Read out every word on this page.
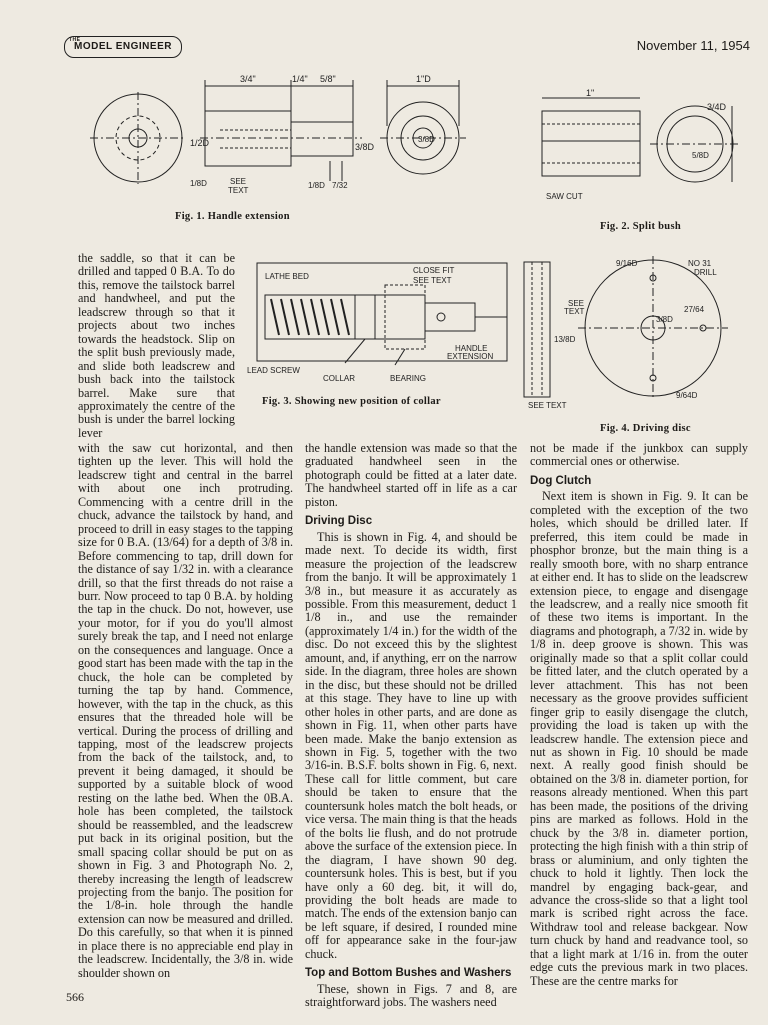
THE
MODEL ENGINEER	November 11, 1954
3/4"	1/4" 5/8"	1"D
1/2D	3/8D
3/8D
1/8D	SEE
TEXT
1/8D 7/32
Fig. 1. Handle extension
1"
3/4D
5/8D
SAW CUT
Fig. 2. Split bush
LATHE BED
CLOSE FIT
SEE TEXT
HANDLE
EXTENSION
LEAD SCREW
COLLAR	BEARING
Fig. 3. Showing new position of collar
9/16D	NO 31
DRILL
SEE
TEXT	27/64
3/8D
13/8D
9/64D
SEE TEXT
Fig. 4. Driving disc

the saddle, so that it can be drilled and tapped 0 B.A. To do this, remove the tailstock barrel and handwheel, and put the leadscrew through so that it projects about two inches towards the headstock. Slip on the split bush previously made, and slide both leadscrew and bush back into the tailstock barrel. Make sure that approximately the centre of the bush is under the barrel locking lever

with the saw cut horizontal, and then tighten up the lever. This will hold the leadscrew tight and central in the barrel with about one inch protruding. Commencing with a centre drill in the chuck, advance the tailstock by hand, and proceed to drill in easy stages to the tapping size for 0 B.A. (13/64) for a depth of 3/8 in. Before commencing to tap, drill down for the distance of say 1/32 in. with a clearance drill, so that the first threads do not raise a burr. Now proceed to tap 0 B.A. by holding the tap in the chuck. Do not, however, use your motor, for if you do you'll almost surely break the tap, and I need not enlarge on the consequences and language. Once a good start has been made with the tap in the chuck, the hole can be completed by turning the tap by hand. Commence, however, with the tap in the chuck, as this ensures that the threaded hole will be vertical. During the process of drilling and tapping, most of the leadscrew projects from the back of the tailstock, and, to prevent it being damaged, it should be supported by a suitable block of wood resting on the lathe bed. When the 0B.A. hole has been completed, the tailstock should be reassembled, and the leadscrew put back in its original position, but the small spacing collar should be put on as shown in Fig. 3 and Photograph No. 2, thereby increasing the length of leadscrew projecting from the banjo. The position for the 1/8-in. hole through the handle extension can now be measured and drilled. Do this carefully, so that when it is pinned in place there is no appreciable end play in the leadscrew. Incidentally, the 3/8 in. wide shoulder shown on

the handle extension was made so that the graduated handwheel seen in the photograph could be fitted at a later date. The handwheel started off in life as a car piston.

Driving Disc

This is shown in Fig. 4, and should be made next. To decide its width, first measure the projection of the leadscrew from the banjo. It will be approximately 1 3/8 in., but measure it as accurately as possible. From this measurement, deduct 1 1/8 in., and use the remainder (approximately 1/4 in.) for the width of the disc. Do not exceed this by the slightest amount, and, if anything, err on the narrow side. In the diagram, three holes are shown in the disc, but these should not be drilled at this stage. They have to line up with other holes in other parts, and are done as shown in Fig. 11, when other parts have been made. Make the banjo extension as shown in Fig. 5, together with the two 3/16-in. B.S.F. bolts shown in Fig. 6, next. These call for little comment, but care should be taken to ensure that the countersunk holes match the bolt heads, or vice versa. The main thing is that the heads of the bolts lie flush, and do not protrude above the surface of the extension piece. In the diagram, I have shown 90 deg. countersunk holes. This is best, but if you have only a 60 deg. bit, it will do, providing the bolt heads are made to match. The ends of the extension banjo can be left square, if desired, I rounded mine off for appearance sake in the four-jaw chuck.

Top and Bottom Bushes and Washers

These, shown in Figs. 7 and 8, are straightforward jobs. The washers need

not be made if the junkbox can supply commercial ones or otherwise.

Dog Clutch

Next item is shown in Fig. 9. It can be completed with the exception of the two holes, which should be drilled later. If preferred, this item could be made in phosphor bronze, but the main thing is a really smooth bore, with no sharp entrance at either end. It has to slide on the leadscrew extension piece, to engage and disengage the leadscrew, and a really nice smooth fit of these two items is important. In the diagrams and photograph, a 7/32 in. wide by 1/8 in. deep groove is shown. This was originally made so that a split collar could be fitted later, and the clutch operated by a lever attachment. This has not been necessary as the groove provides sufficient finger grip to easily disengage the clutch, providing the load is taken up with the leadscrew handle. The extension piece and nut as shown in Fig. 10 should be made next. A really good finish should be obtained on the 3/8 in. diameter portion, for reasons already mentioned. When this part has been made, the positions of the driving pins are marked as follows. Hold in the chuck by the 3/8 in. diameter portion, protecting the high finish with a thin strip of brass or aluminium, and only tighten the chuck to hold it lightly. Then lock the mandrel by engaging back-gear, and advance the cross-slide so that a light tool mark is scribed right across the face. Withdraw tool and release backgear. Now turn chuck by hand and readvance tool, so that a light mark at 1/16 in. from the outer edge cuts the previous mark in two places. These are the centre marks for

566
